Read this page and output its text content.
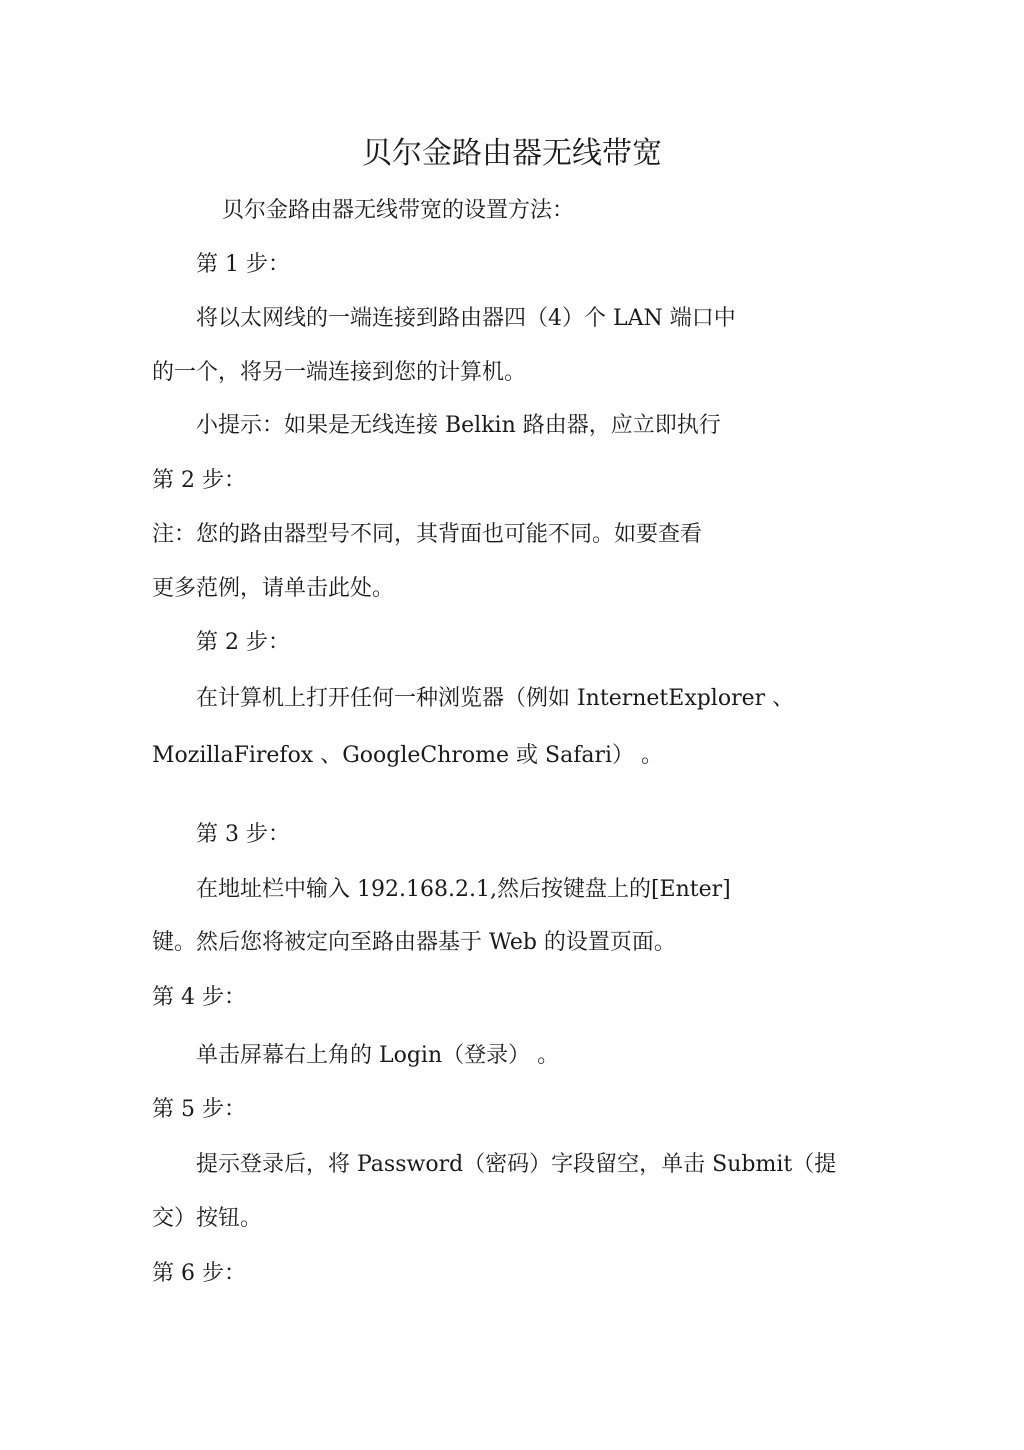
贝尔金路由器无线带宽
贝尔金路由器无线带宽的设置方法：
第 1 步：
将以太网线的一端连接到路由器四（4）个 LAN 端口中
的一个，将另一端连接到您的计算机。
小提示：如果是无线连接 Belkin 路由器，应立即执行
第 2 步：
注：您的路由器型号不同，其背面也可能不同。如要查看
更多范例，请单击此处。
第 2 步：
在计算机上打开任何一种浏览器（例如 InternetExplorer 、
MozillaFirefox 、GoogleChrome 或 Safari） 。
第 3 步：
在地址栏中输入 192.168.2.1,然后按键盘上的[Enter]
键。然后您将被定向至路由器基于 Web 的设置页面。
第 4 步：
单击屏幕右上角的 Login（登录） 。
第 5 步：
提示登录后，将 Password（密码）字段留空，单击 Submit（提
交）按钮。
第 6 步：
